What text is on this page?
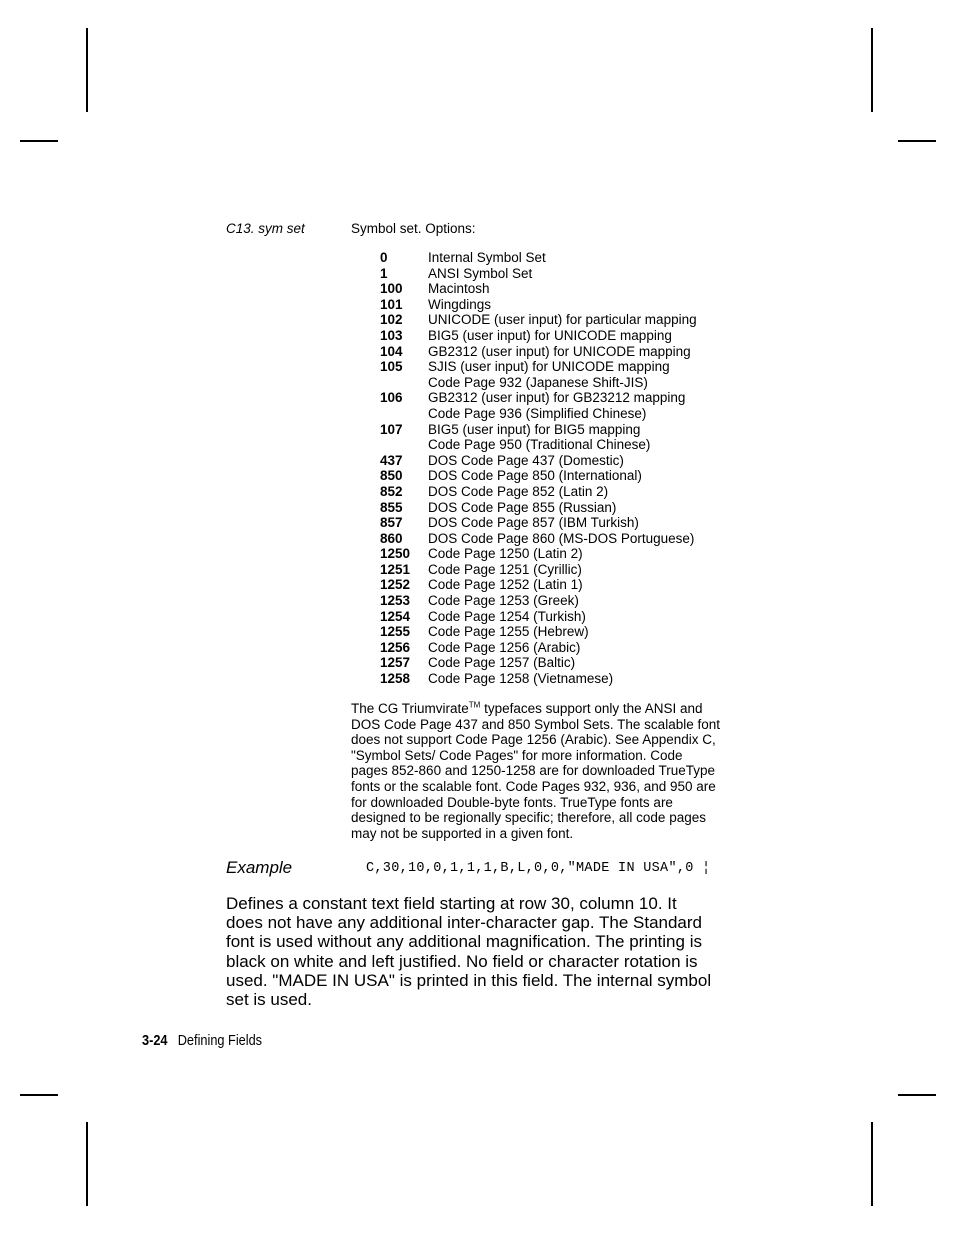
C13. sym set	Symbol set. Options:
0	Internal Symbol Set
1	ANSI Symbol Set
100	Macintosh
101	Wingdings
102	UNICODE (user input) for particular mapping
103	BIG5 (user input) for UNICODE mapping
104	GB2312 (user input) for UNICODE mapping
105	SJIS (user input) for UNICODE mapping
Code Page 932 (Japanese Shift-JIS)
106	GB2312 (user input) for GB23212 mapping
Code Page 936 (Simplified Chinese)
107	BIG5 (user input) for BIG5 mapping
Code Page 950 (Traditional Chinese)
437	DOS Code Page 437 (Domestic)
850	DOS Code Page 850 (International)
852	DOS Code Page 852 (Latin 2)
855	DOS Code Page 855 (Russian)
857	DOS Code Page 857 (IBM Turkish)
860	DOS Code Page 860 (MS-DOS Portuguese)
1250	Code Page 1250 (Latin 2)
1251	Code Page 1251 (Cyrillic)
1252	Code Page 1252 (Latin 1)
1253	Code Page 1253 (Greek)
1254	Code Page 1254 (Turkish)
1255	Code Page 1255 (Hebrew)
1256	Code Page 1256 (Arabic)
1257	Code Page 1257 (Baltic)
1258	Code Page 1258 (Vietnamese)

The CG Triumvirate™ typefaces support only the ANSI and

DOS Code Page 437 and 850 Symbol Sets. The scalable font

does not support Code Page 1256 (Arabic). See Appendix C,

"Symbol Sets/ Code Pages" for more information. Code

pages 852-860 and 1250-1258 are for downloaded TrueType

fonts or the scalable font. Code Pages 932, 936, and 950 are

for downloaded Double-byte fonts. TrueType fonts are

designed to be regionally specific; therefore, all code pages

may not be supported in a given font.

Example	C,30,10,0,1,1,1,B,L,0,0,"MADE IN USA",0 ¦

Defines a constant text field starting at row 30, column 10. It

does not have any additional inter-character gap. The Standard

font is used without any additional magnification. The printing is

black on white and left justified. No field or character rotation is

used. "MADE IN USA" is printed in this field. The internal symbol

set is used.

3-24 Defining Fields
